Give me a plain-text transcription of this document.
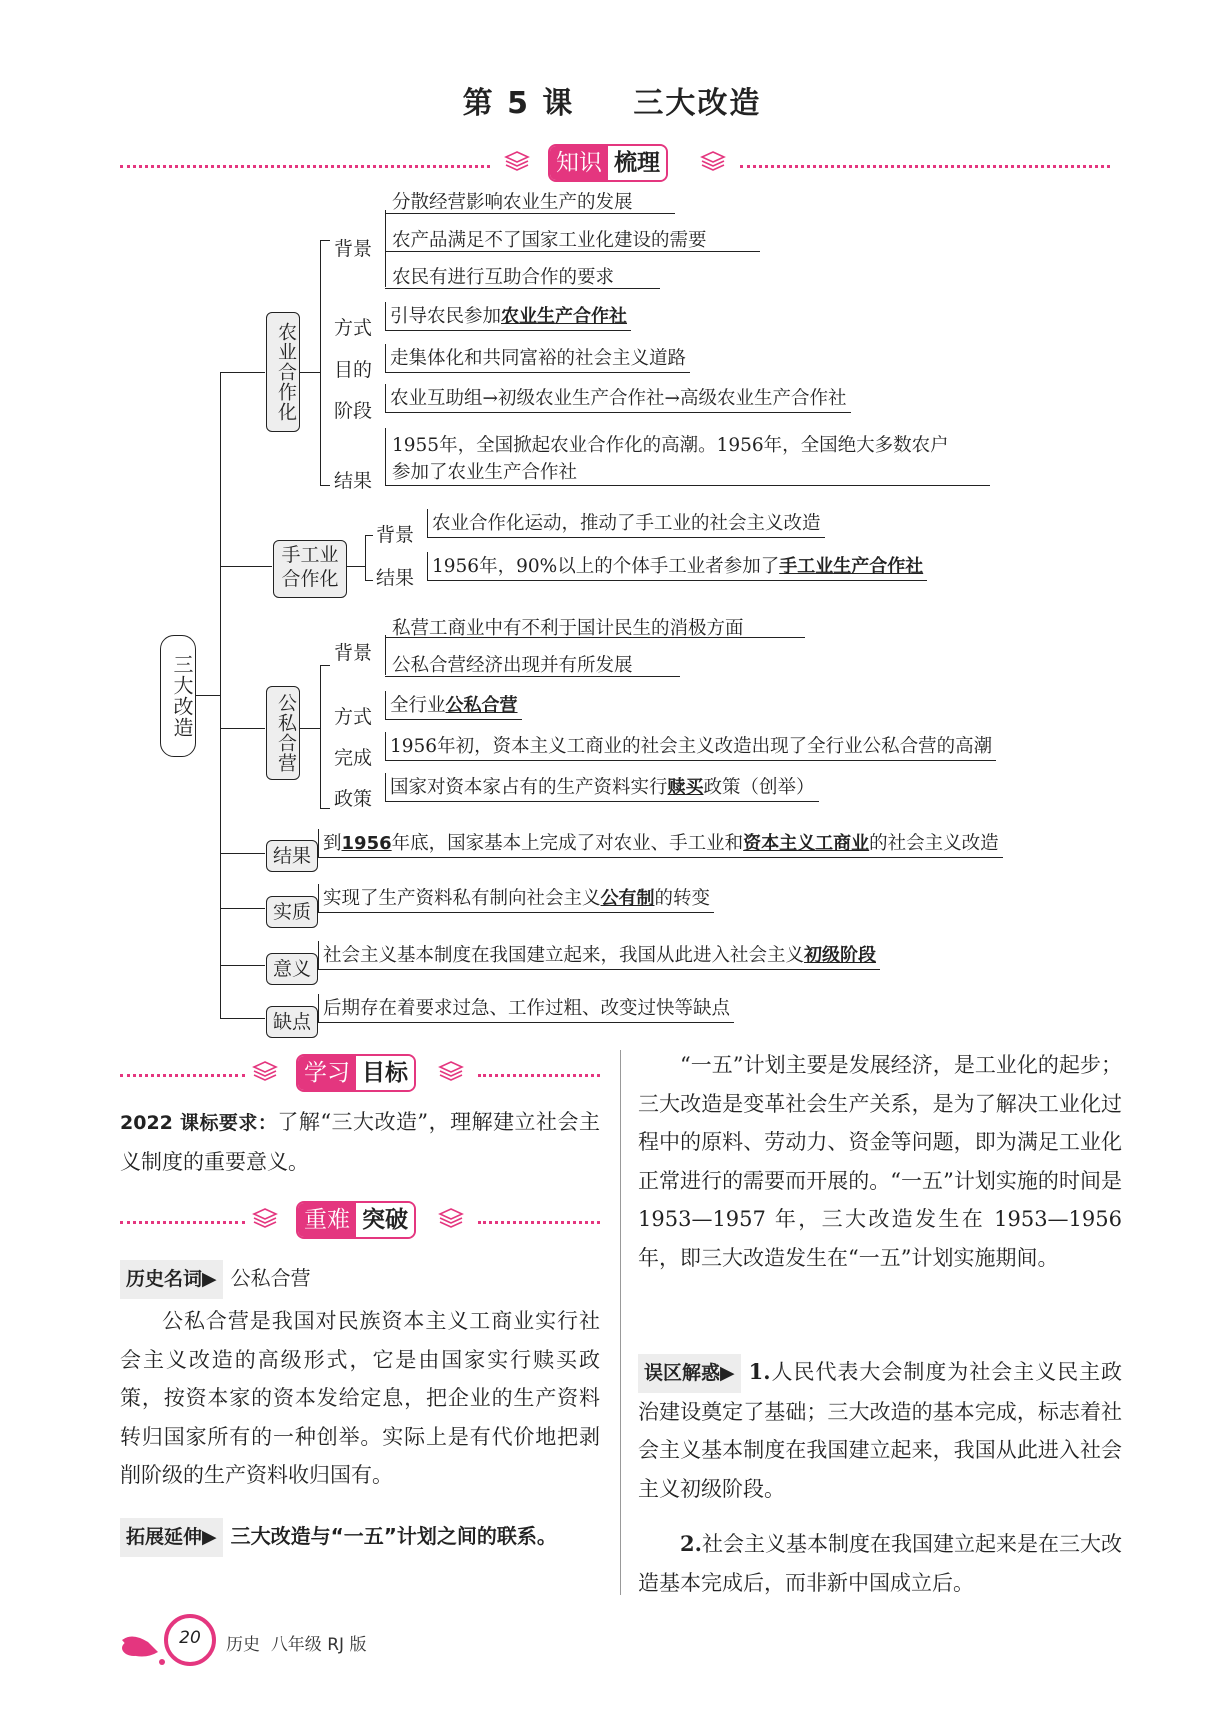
第 5 课 三大改造
知识 梳理
三大改造
农业合作化
背景
分散经营影响农业生产的发展
农产品满足不了国家工业化建设的需要
农民有进行互助合作的要求
方式
引导农民参加农业生产合作社
目的
走集体化和共同富裕的社会主义道路
阶段
农业互助组→初级农业生产合作社→高级农业生产合作社
结果
1955年，全国掀起农业合作化的高潮。1956年，全国绝大多数农户
参加了农业生产合作社
手工业合作化
背景
农业合作化运动，推动了手工业的社会主义改造
结果
1956年，90%以上的个体手工业者参加了手工业生产合作社
公私合营
背景
私营工商业中有不利于国计民生的消极方面
公私合营经济出现并有所发展
方式
全行业公私合营
完成
1956年初，资本主义工商业的社会主义改造出现了全行业公私合营的高潮
政策
国家对资本家占有的生产资料实行赎买政策（创举）
结果
到1956年底，国家基本上完成了对农业、手工业和资本主义工商业的社会主义改造
实质
实现了生产资料私有制向社会主义公有制的转变
意义
社会主义基本制度在我国建立起来，我国从此进入社会主义初级阶段
缺点
后期存在着要求过急、工作过粗、改变过快等缺点
学习 目标
2022 课标要求：了解“三大改造”，理解建立社会主义制度的重要意义。
重难 突破
历史名词▶ 公私合营
公私合营是我国对民族资本主义工商业实行社会主义改造的高级形式，它是由国家实行赎买政策，按资本家的资本发给定息，把企业的生产资料转归国家所有的一种创举。实际上是有代价地把剥削阶级的生产资料收归国有。
拓展延伸▶ 三大改造与“一五”计划之间的联系。
“一五”计划主要是发展经济，是工业化的起步；三大改造是变革社会生产关系，是为了解决工业化过程中的原料、劳动力、资金等问题，即为满足工业化正常进行的需要而开展的。“一五”计划实施的时间是 1953—1957 年，三大改造发生在 1953—1956 年，即三大改造发生在“一五”计划实施期间。
误区解惑▶ 1.人民代表大会制度为社会主义民主政治建设奠定了基础；三大改造的基本完成，标志着社会主义基本制度在我国建立起来，我国从此进入社会主义初级阶段。
2.社会主义基本制度在我国建立起来是在三大改造基本完成后，而非新中国成立后。
20 历史 八年级 RJ 版
